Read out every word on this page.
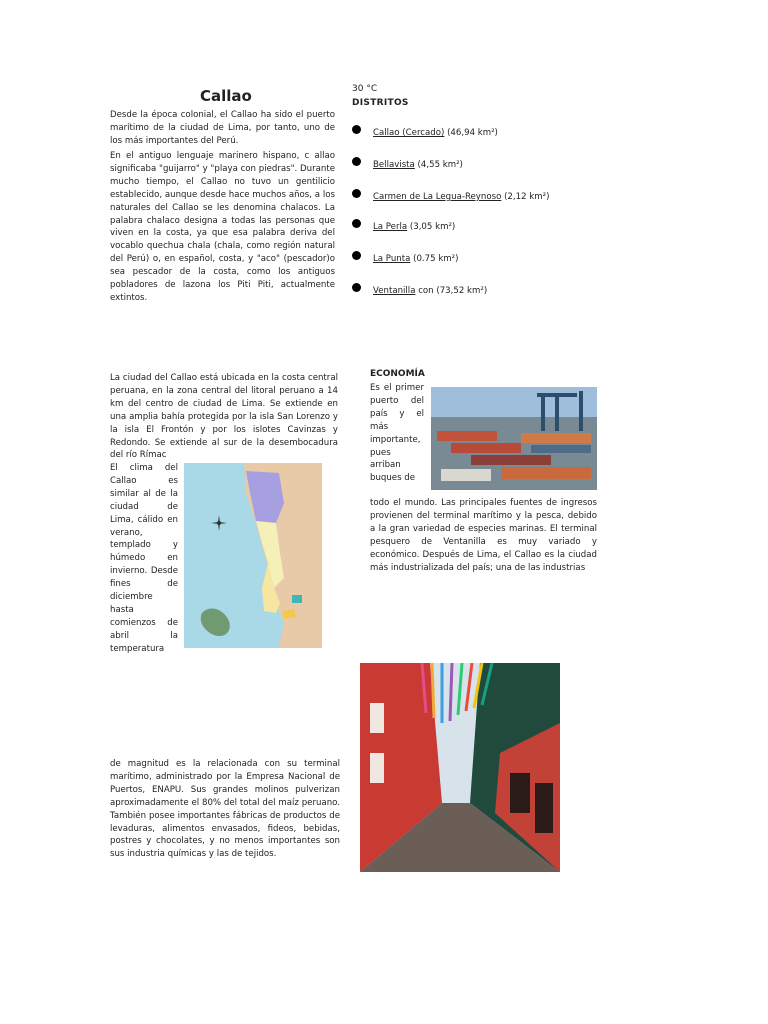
Callao
Desde la época colonial, el Callao ha sido el puerto marítimo de la ciudad de Lima, por tanto, uno de los más importantes del Perú.
En el antiguo lenguaje marinero hispano, c allao significaba "guijarro" y "playa con piedras". Durante mucho tiempo, el Callao no tuvo un gentilicio establecido, aunque desde hace muchos años, a los naturales del Callao se les denomina chalacos. La palabra chalaco designa a todas las personas que viven en la costa, ya que esa palabra deriva del vocablo quechua chala (chala, como región natural del Perú) o, en español, costa, y "aco" (pescador)o sea pescador de la costa, como los antiguos pobladores de lazona los Piti Piti, actualmente extintos.
30 °C
DISTRITOS
Callao (Cercado) (46,94 km²)
Bellavista (4,55 km²)
Carmen de La Legua-Reynoso (2,12 km²)
La Perla (3,05 km²)
La Punta (0.75 km²)
Ventanilla con (73,52 km²)
La ciudad del Callao está ubicada en la costa central peruana, en la zona central del litoral peruano a 14 km del centro de ciudad de Lima. Se extiende en una amplia bahía protegida por la isla San Lorenzo y la isla El Frontón y por los islotes Cavinzas y Redondo. Se extiende al sur de la desembocadura del río Rímac
El clima del Callao es similar al de la ciudad de Lima, cálido en verano, templado y húmedo en invierno. Desde fines de diciembre hasta comienzos de abril la temperatura
ECONOMÍA
Es el primer puerto del país y el más importante, pues arriban buques de
todo el mundo. Las principales fuentes de ingresos provienen del terminal marítimo y la pesca, debido a la gran variedad de especies marinas. El terminal pesquero de Ventanilla es muy variado y económico. Después de Lima, el Callao es la ciudad más industrializada del país; una de las industrias
de magnitud es la relacionada con su terminal marítimo, administrado por la Empresa Nacional de Puertos, ENAPU. Sus grandes molinos pulverizan aproximadamente el 80% del total del maíz peruano. También posee importantes fábricas de productos de levaduras, alimentos envasados, fideos, bebidas, postres y chocolates, y no menos importantes son sus industria químicas y las de tejidos.
